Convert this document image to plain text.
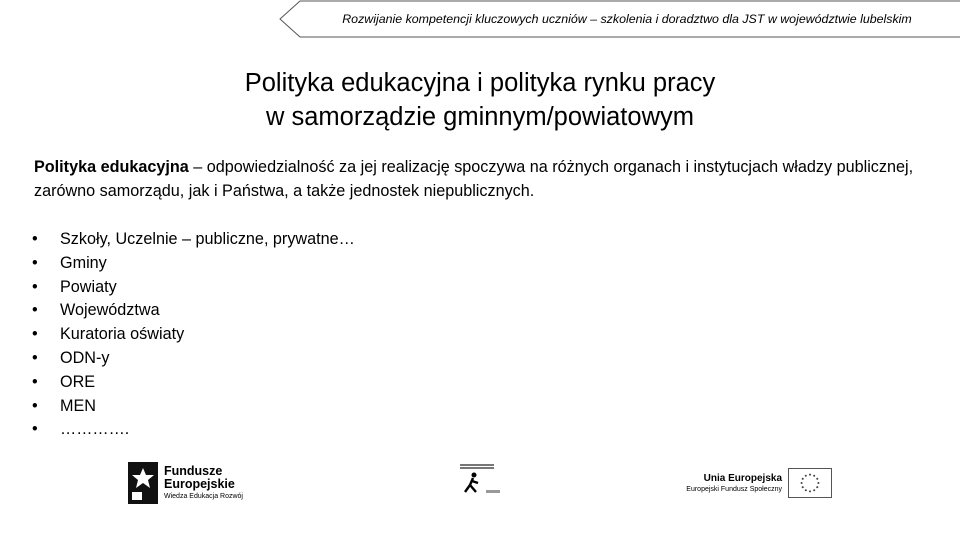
Rozwijanie kompetencji kluczowych uczniów – szkolenia i doradztwo dla JST w województwie lubelskim
Polityka edukacyjna i polityka rynku pracy
w samorządzie gminnym/powiatowym
Polityka edukacyjna – odpowiedzialność za jej realizację spoczywa na różnych organach i instytucjach władzy publicznej, zarówno samorządu, jak i Państwa, a także jednostek niepublicznych.
• Szkoły, Uczelnie – publiczne, prywatne…
• Gminy
• Powiaty
• Województwa
• Kuratoria oświaty
• ODN-y
• ORE
• MEN
• ………….
Fundusze
Europejskie
Wiedza Edukacja Rozwój
Unia Europejska
Europejski Fundusz Społeczny
